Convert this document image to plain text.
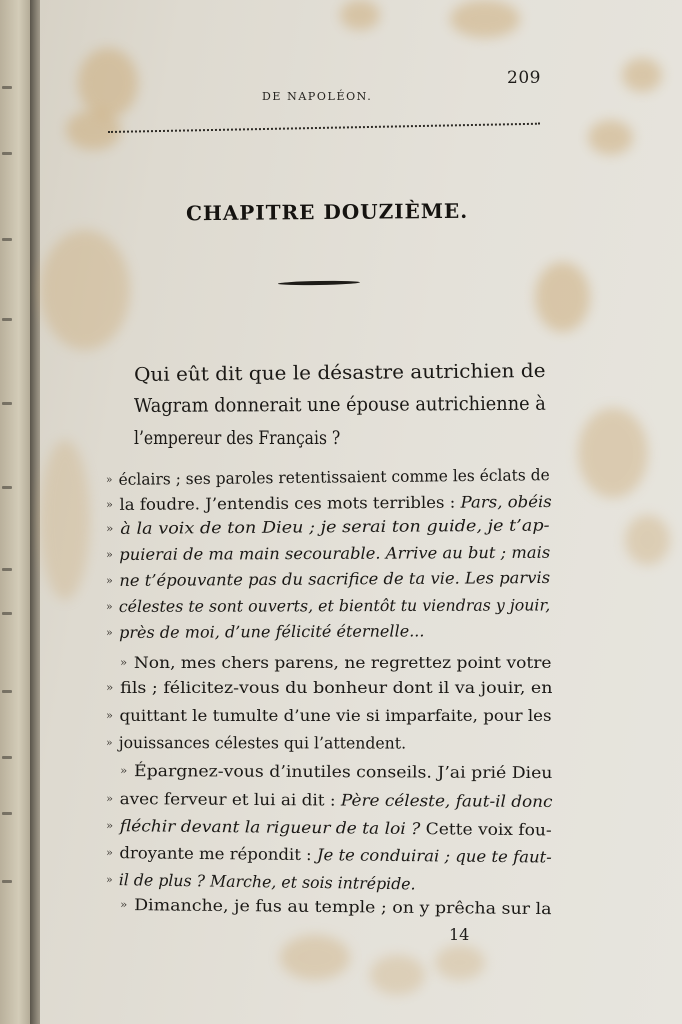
209
DE NAPOLÉON.
CHAPITRE DOUZIÈME.
Qui eût dit que le désastre autrichien de
Wagram donnerait une épouse autrichienne à
l’empereur des Français ?
» éclairs ; ses paroles retentissaient comme les éclats de
» la foudre. J’entendis ces mots terribles : Pars, obéis
» à la voix de ton Dieu ; je serai ton guide, je t’ap-
» puierai de ma main secourable. Arrive au but ; mais
» ne t’épouvante pas du sacrifice de ta vie. Les parvis
» célestes te sont ouverts, et bientôt tu viendras y jouir,
» près de moi, d’une félicité éternelle...
» Non, mes chers parens, ne regrettez point votre
» fils ; félicitez-vous du bonheur dont il va jouir, en
» quittant le tumulte d’une vie si imparfaite, pour les
» jouissances célestes qui l’attendent.
» Épargnez-vous d’inutiles conseils. J’ai prié Dieu
» avec ferveur et lui ai dit : Père céleste, faut-il donc
» fléchir devant la rigueur de ta loi ? Cette voix fou-
» droyante me répondit : Je te conduirai ; que te faut-
» il de plus ? Marche, et sois intrépide.
» Dimanche, je fus au temple ; on y prêcha sur la
14
